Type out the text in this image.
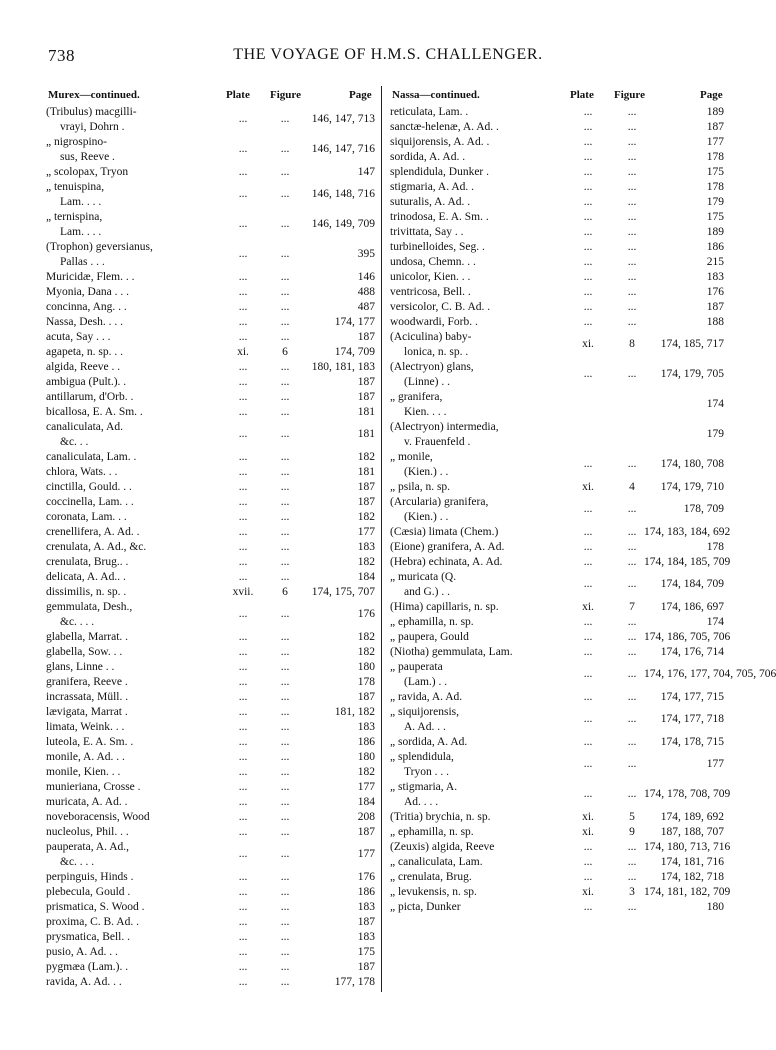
738	THE VOYAGE OF H.M.S. CHALLENGER.
Murex—continued.	Plate Figure	Page
(Tribulus) macgilli-
vrayi, Dohrn .
...	...	146, 147, 713
„ nigrospino-
sus, Reeve .
...	...	146, 147, 716
„ scolopax, Tryon	...	...	147
„ tenuispina,
Lam. . . .
...	...	146, 148, 716
„ ternispina,
Lam. . . .
...	...	146, 149, 709
(Trophon) geversianus,
Pallas . . .
...	...	395
Muricidæ, Flem. . .	...	...	146
Myonia, Dana . . .	...	...	488
concinna, Ang. . .	...	...	487
Nassa, Desh. . . .	...	...	174, 177
acuta, Say . . .	...	...	187
agapeta, n. sp. . .	xi.	6	174, 709
algida, Reeve . .	...	...	180, 181, 183
ambigua (Pult.). .	...	...	187
antillarum, d'Orb. .	...	...	187
bicallosa, E. A. Sm. .	...	...	181
canaliculata, Ad.
&c. . .
...	...	181
canaliculata, Lam. .	...	...	182
chlora, Wats. . .	...	...	181
cinctilla, Gould. . .	...	...	187
coccinella, Lam. . .	...	...	187
coronata, Lam. . .	...	...	182
crenellifera, A. Ad. .	...	...	177
crenulata, A. Ad., &c.	...	...	183
crenulata, Brug.. .	...	...	182
delicata, A. Ad.. .	...	...	184
dissimilis, n. sp. .	xvii.	6	174, 175, 707
gemmulata, Desh.,
&c. . . .
...	...	176
glabella, Marrat. .	...	...	182
glabella, Sow. . .	...	...	182
glans, Linne . .	...	...	180
granifera, Reeve .	...	...	178
incrassata, Müll. .	...	...	187
lævigata, Marrat .	...	...	181, 182
limata, Weink. . .	...	...	183
luteola, E. A. Sm. .	...	...	186
monile, A. Ad. . .	...	...	180
monile, Kien. . .	...	...	182
munieriana, Crosse .	...	...	177
muricata, A. Ad. .	...	...	184
noveboracensis, Wood	...	...	208
nucleolus, Phil. . .	...	...	187
pauperata, A. Ad.,
&c. . . .
...	...	177
perpinguis, Hinds .	...	...	176
plebecula, Gould .	...	...	186
prismatica, S. Wood .	...	...	183
proxima, C. B. Ad. .	...	...	187
prysmatica, Bell. .	...	...	183
pusio, A. Ad. . .	...	...	175
pygmæa (Lam.). .	...	...	187
ravida, A. Ad. . .	...	...	177, 178
Nassa—continued.	Plate Figure	Page
reticulata, Lam. .	...	...	189
sanctæ-helenæ, A. Ad. .	...	...	187
siquijorensis, A. Ad. .	...	...	177
sordida, A. Ad. .	...	...	178
splendidula, Dunker .	...	...	175
stigmaria, A. Ad. .	...	...	178
suturalis, A. Ad. .	...	...	179
trinodosa, E. A. Sm. .	...	...	175
trivittata, Say . .	...	...	189
turbinelloides, Seg. .	...	...	186
undosa, Chemn. . .	...	...	215
unicolor, Kien. . .	...	...	183
ventricosa, Bell. .	...	...	176
versicolor, C. B. Ad. .	...	...	187
woodwardi, Forb. .	...	...	188
(Aciculina) baby-
lonica, n. sp. .
xi.	8	174, 185, 717
(Alectryon) glans,
(Linne) . .
...	...	174, 179, 705
„ granifera,
Kien. . . .
174
(Alectryon) intermedia,
v. Frauenfeld .
179
„ monile,
(Kien.) . .
...	...	174, 180, 708
„ psila, n. sp.	xi.	4	174, 179, 710
(Arcularia) granifera,
(Kien.) . .
...	...	178, 709
(Cæsia) limata (Chem.)	...	... 174, 183, 184, 692
(Eione) granifera, A. Ad.	...	...	178
(Hebra) echinata, A. Ad.	...	... 174, 184, 185, 709
„ muricata (Q.
and G.) . .
...	...	174, 184, 709
(Hima) capillaris, n. sp.	xi.	7	174, 186, 697
„ ephamilla, n. sp.	...	...	174
„ paupera, Gould	...	... 174, 186, 705, 706
(Niotha) gemmulata, Lam.	...	...	174, 176, 714
„ pauperata
(Lam.) . .
...	... 174, 176, 177, 704, 705, 706
„ ravida, A. Ad.	...	...	174, 177, 715
„ siquijorensis,
A. Ad. . .
...	...	174, 177, 718
„ sordida, A. Ad.	...	...	174, 178, 715
„ splendidula,
Tryon . . .
...	...	177
„ stigmaria, A.
Ad. . . .
...	... 174, 178, 708, 709
(Tritia) brychia, n. sp.	xi.	5	174, 189, 692
„ ephamilla, n. sp.	xi.	9	187, 188, 707
(Zeuxis) algida, Reeve	...	... 174, 180, 713, 716
„ canaliculata, Lam.	...	...	174, 181, 716
„ crenulata, Brug.	...	...	174, 182, 718
„ levukensis, n. sp.	xi.	3 174, 181, 182, 709
„ picta, Dunker	...	...	180
